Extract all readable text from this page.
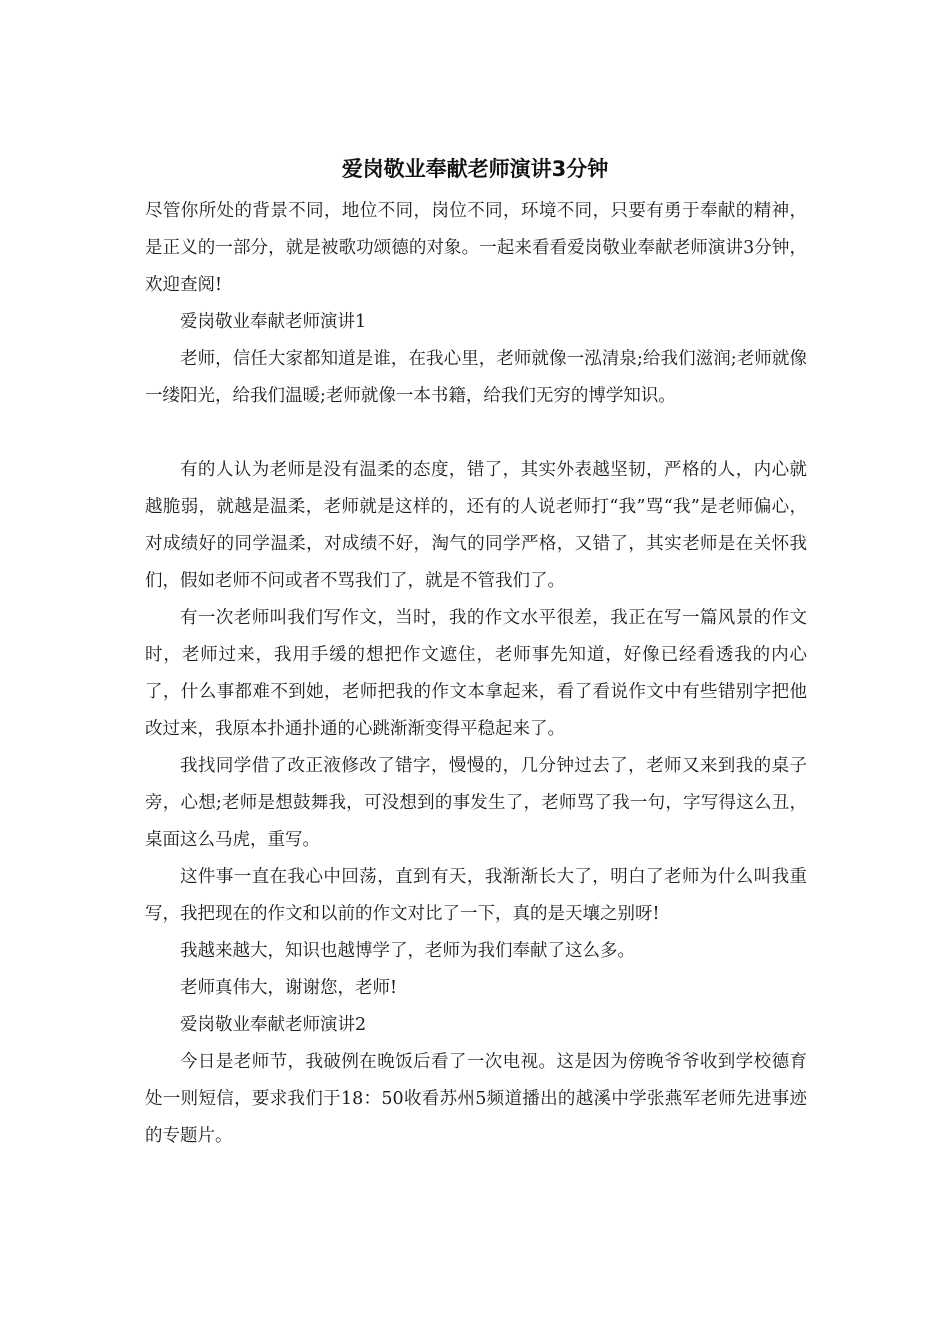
爱岗敬业奉献老师演讲3分钟

尽管你所处的背景不同，地位不同，岗位不同，环境不同，只要有勇于奉献的精神，是正义的一部分，就是被歌功颂德的对象。一起来看看爱岗敬业奉献老师演讲3分钟，欢迎查阅!

爱岗敬业奉献老师演讲1

老师，信任大家都知道是谁，在我心里，老师就像一泓清泉;给我们滋润;老师就像一缕阳光，给我们温暖;老师就像一本书籍，给我们无穷的博学知识。

有的人认为老师是没有温柔的态度，错了，其实外表越坚韧，严格的人，内心就越脆弱，就越是温柔，老师就是这样的，还有的人说老师打“我”骂“我”是老师偏心，对成绩好的同学温柔，对成绩不好，淘气的同学严格，又错了，其实老师是在关怀我们，假如老师不问或者不骂我们了，就是不管我们了。

有一次老师叫我们写作文，当时，我的作文水平很差，我正在写一篇风景的作文时，老师过来，我用手缓的想把作文遮住，老师事先知道，好像已经看透我的内心了，什么事都难不到她，老师把我的作文本拿起来，看了看说作文中有些错别字把他改过来，我原本扑通扑通的心跳渐渐变得平稳起来了。

我找同学借了改正液修改了错字，慢慢的，几分钟过去了，老师又来到我的桌子旁，心想;老师是想鼓舞我，可没想到的事发生了，老师骂了我一句，字写得这么丑，桌面这么马虎，重写。

这件事一直在我心中回荡，直到有天，我渐渐长大了，明白了老师为什么叫我重写，我把现在的作文和以前的作文对比了一下，真的是天壤之别呀!

我越来越大，知识也越博学了，老师为我们奉献了这么多。

老师真伟大，谢谢您，老师!

爱岗敬业奉献老师演讲2

今日是老师节，我破例在晚饭后看了一次电视。这是因为傍晚爷爷收到学校德育处一则短信，要求我们于18：50收看苏州5频道播出的越溪中学张燕军老师先进事迹的专题片。
